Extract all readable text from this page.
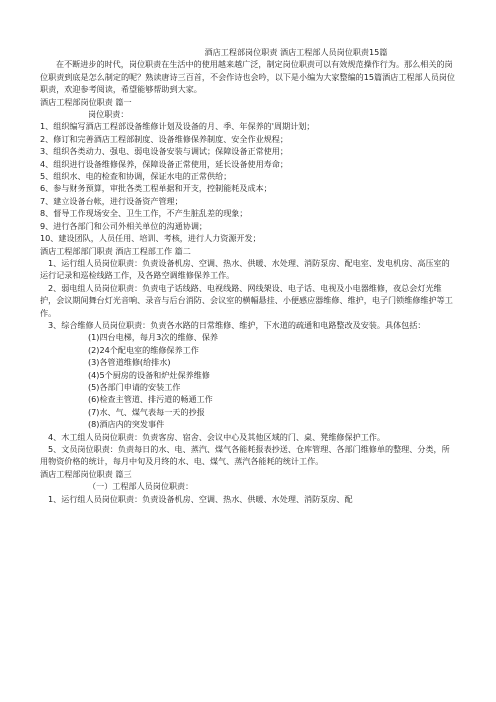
酒店工程部岗位职责 酒店工程部人员岗位职责15篇
在不断进步的时代，岗位职责在生活中的使用越来越广泛，制定岗位职责可以有效规范操作行为。那么相关的岗位职责到底是怎么制定的呢？熟读唐诗三百首，不会作诗也会吟，以下是小编为大家整编的15篇酒店工程部人员岗位职责，欢迎参考阅读，希望能够帮助到大家。
酒店工程部岗位职责 篇一
岗位职责：
1、组织编写酒店工程部设备维修计划及设备的月、季、年保养的'周期计划；
2、修订和完善酒店工程部制度、设备维修保养制度、安全作业规程；
3、组织各类动力、强电、弱电设备安装与调试；保障设备正常使用；
4、组织进行设备维修保养，保障设备正常使用，延长设备使用寿命；
5、组织水、电的检查和协调，保证水电的正常供给；
6、参与财务预算，审批各类工程单据和开支，控制能耗及成本；
7、建立设备台帐，进行设备资产管理；
8、督导工作现场安全、卫生工作，不产生脏乱差的现象；
9、进行各部门和公司外相关单位的沟通协调；
10、建设团队，人员任用、培训、考核，进行人力资源开发；
酒店工程部部门职责 酒店工程部工作 篇二
1、运行组人员岗位职责：负责设备机房、空调、热水、供暖、水处理、消防泵房、配电室、发电机房、高压室的运行记录和巡检线路工作，及各路空调维修保养工作。
2、弱电组人员岗位职责：负责电子话线路、电视线路、网线架设、电子话、电视及小电器维修，夜总会灯光维护，会议期间舞台灯光音响、录音与后台消防、会议室的横幅悬挂、小便感应器维修、维护，电子门锁维修维护等工作。
3、综合维修人员岗位职责：负责各水路的日常维修、维护，下水道的疏通和电路整改及安装。具体包括：
(1)四台电梯，每月3次的维修、保养
(2)24个配电室的维修保养工作
(3)各管道维修(给排水)
(4)5个厨房的设备和炉灶保养维修
(5)各部门申请的安装工作
(6)检查主管道、排污道的畅通工作
(7)水、气、煤气表每一天的抄报
(8)酒店内的突发事件
4、木工组人员岗位职责：负责客房、宿舍、会议中心及其他区域的门、桌、凳维修保护工作。
5、文员岗位职责：负责每日的水、电、蒸汽、煤气各能耗报表抄送、仓库管理、各部门维修单的整理、分类，所用物资价格的统计，每月中旬及月终的水、电、煤气、蒸汽各能耗的统计工作。
酒店工程部岗位职责 篇三
（一）工程部人员岗位职责：
1、运行组人员岗位职责：负责设备机房、空调、热水、供暖、水处理、消防泵房、配
